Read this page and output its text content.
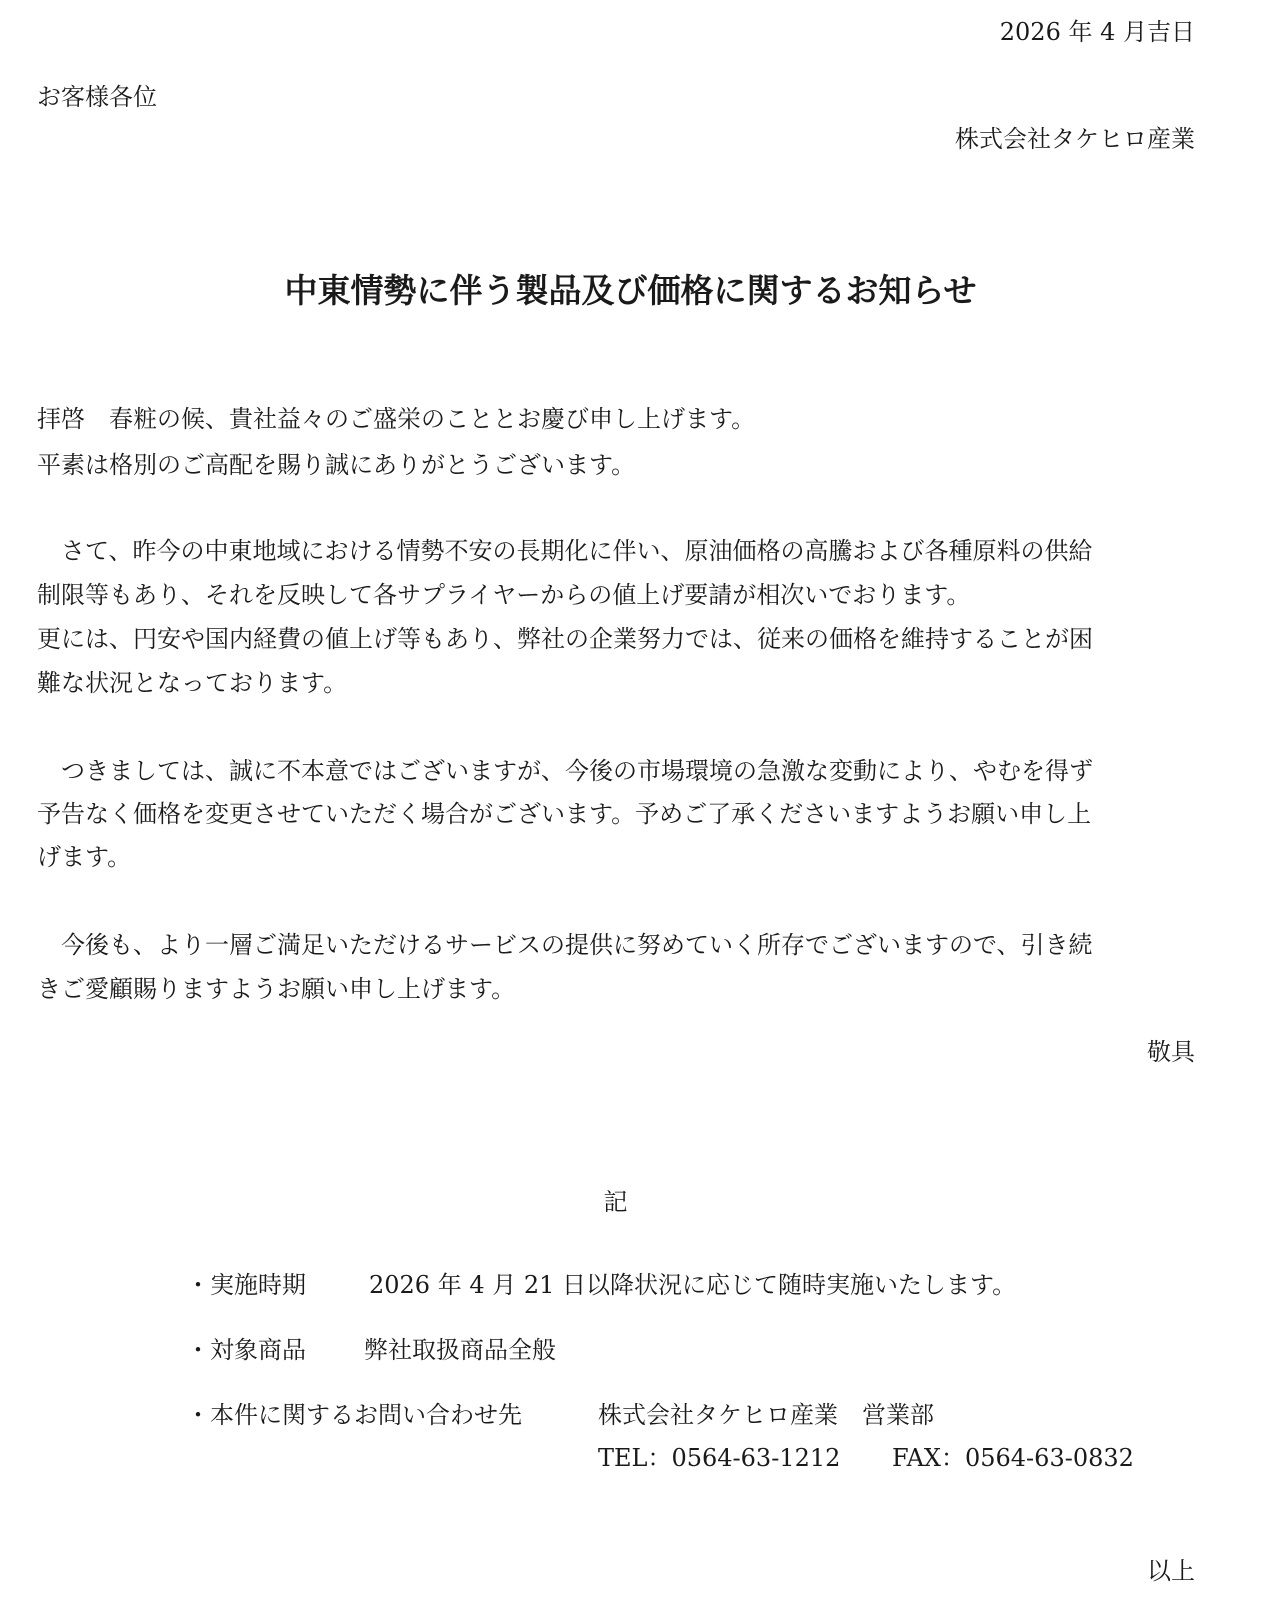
2026 年 4 月吉日
お客様各位
株式会社タケヒロ産業
中東情勢に伴う製品及び価格に関するお知らせ
拝啓　春粧の候、貴社益々のご盛栄のこととお慶び申し上げます。
平素は格別のご高配を賜り誠にありがとうございます。
　さて、昨今の中東地域における情勢不安の長期化に伴い、原油価格の高騰および各種原料の供給
制限等もあり、それを反映して各サプライヤーからの値上げ要請が相次いでおります。
更には、円安や国内経費の値上げ等もあり、弊社の企業努力では、従来の価格を維持することが困
難な状況となっております。
　つきましては、誠に不本意ではございますが、今後の市場環境の急激な変動により、やむを得ず
予告なく価格を変更させていただく場合がございます。予めご了承くださいますようお願い申し上
げます。
　今後も、より一層ご満足いただけるサービスの提供に努めていく所存でございますので、引き続
きご愛顧賜りますようお願い申し上げます。
敬具
記
・実施時期	2026 年 4 月 21 日以降状況に応じて随時実施いたします。
・対象商品 弊社取扱商品全般
・本件に関するお問い合わせ先	株式会社タケヒロ産業　営業部
TEL：0564-63-1212 FAX：0564-63-0832
以上
